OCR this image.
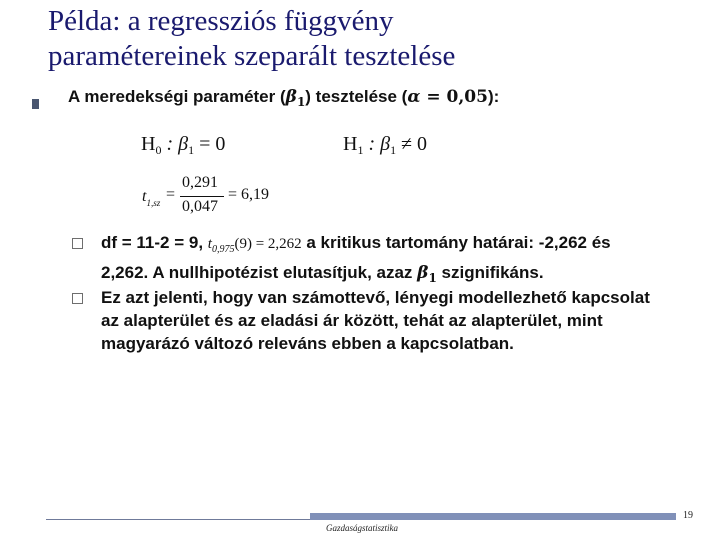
Példa: a regressziós függvény
paramétereinek szeparált tesztelése
A meredekségi paraméter $(\beta_1)$ tesztelése (α = 0,05):
$H_0$ : $\beta_1 = 0$	$H_1$ : $\beta_1 \ne 0$
$t_{1,sz}$ =
0,291
0,047
= 6,19
df = 11-2 = 9, $t_{0,975}(9) = 2,262$ a kritikus tartomány határai: -2,262 és
2,262. A nullhipotézist elutasítjuk, azaz $\beta_1$ szignifikáns.
Ez azt jelenti, hogy van számottevő, lényegi modellezhető kapcsolat
az alapterület és az eladási ár között, tehát az alapterület, mint
magyarázó változó releváns ebben a kapcsolatban.
Gazdaságstatisztika
19
